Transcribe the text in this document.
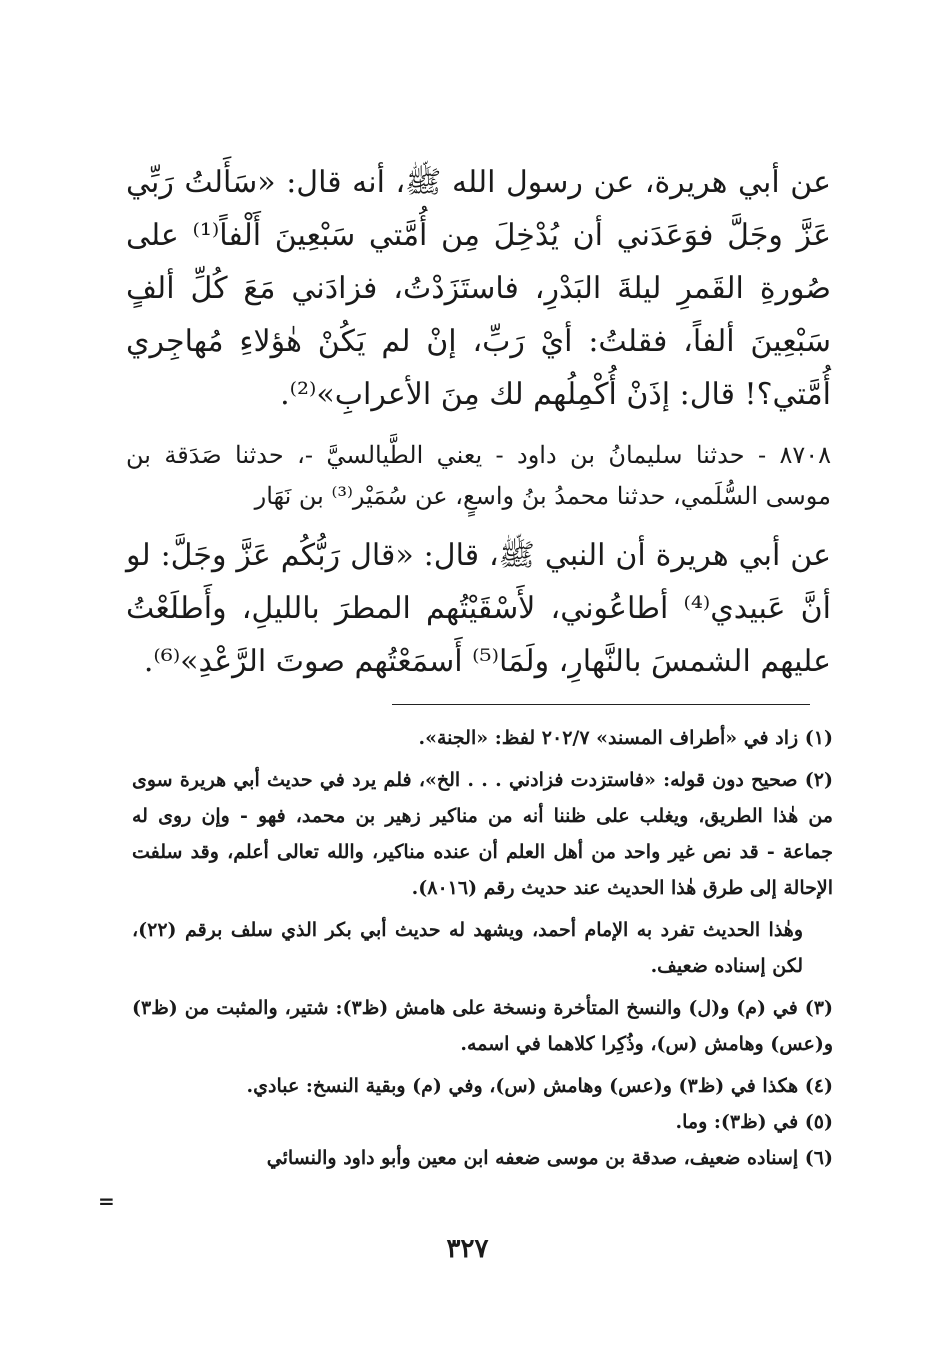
عن أبي هريرة، عن رسول الله ﷺ، أنه قال: «سَأَلتُ رَبِّي عَزَّ وجَلَّ فوَعَدَني أن يُدْخِلَ مِن أُمَّتي سَبْعِينَ أَلْفاً⁽¹⁾ على صُورةِ القَمرِ ليلةَ البَدْرِ، فاستَزَدْتُ، فزادَني مَعَ كُلِّ ألفٍ سَبْعِينَ ألفاً، فقلتُ: أيْ رَبِّ، إنْ لم يَكُنْ هٰؤلاءِ مُهاجِري أُمَّتي؟! قال: إذَنْ أُكْمِلُهم لك مِنَ الأعرابِ»⁽²⁾.

٨٧٠٨ - حدثنا سليمانُ بن داود - يعني الطَّيالسيَّ -، حدثنا صَدَقة بن موسى السُّلَمي، حدثنا محمدُ بنُ واسعٍ، عن سُمَيْر⁽³⁾ بن نَهَار

عن أبي هريرة أن النبي ﷺ، قال: «قال رَبُّكُم عَزَّ وجَلَّ: لو أنَّ عَبيدي⁽⁴⁾ أطاعُوني، لأَسْقَيْتُهم المطرَ بالليلِ، وأَطلَعْتُ عليهم الشمسَ بالنَّهارِ، ولَمَا⁽⁵⁾ أَسمَعْتُهم صوتَ الرَّعْدِ»⁽⁶⁾.

(١) زاد في «أطراف المسند» ٢٠٢/٧ لفظ: «الجنة».

(٢) صحيح دون قوله: «فاستزدت فزادني . . . الخ»، فلم يرد في حديث أبي هريرة سوى من هٰذا الطريق، ويغلب على ظننا أنه من مناكير زهير بن محمد، فهو - وإن روى له جماعة - قد نص غير واحد من أهل العلم أن عنده مناكير، والله تعالى أعلم، وقد سلفت الإحالة إلى طرق هٰذا الحديث عند حديث رقم (٨٠١٦).

وهٰذا الحديث تفرد به الإمام أحمد، ويشهد له حديث أبي بكر الذي سلف برقم (٢٢)، لكن إسناده ضعيف.

(٣) في (م) و(ل) والنسخ المتأخرة ونسخة على هامش (ظ٣): شتير، والمثبت من (ظ٣) و(عس) وهامش (س)، وذُكِرا كلاهما في اسمه.

(٤) هكذا في (ظ٣) و(عس) وهامش (س)، وفي (م) وبقية النسخ: عبادي.

(٥) في (ظ٣): وما.

(٦) إسناده ضعيف، صدقة بن موسى ضعفه ابن معين وأبو داود والنسائي

=
٣٢٧
